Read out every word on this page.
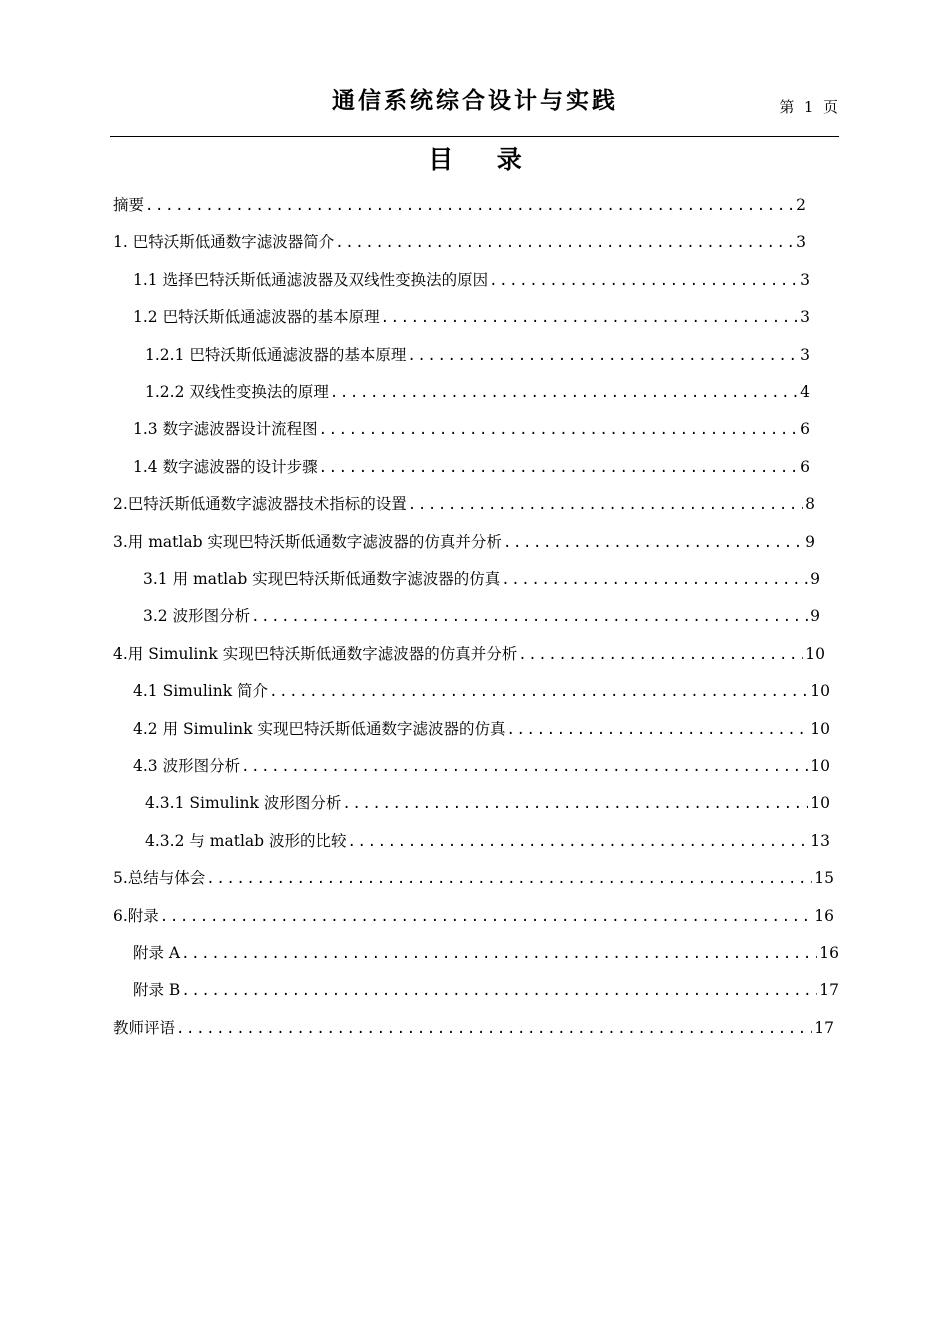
通信系统综合设计与实践	第  1  页
目     录
摘要 .....	2
1. 巴特沃斯低通数字滤波器简介 .....	3
1.1 选择巴特沃斯低通滤波器及双线性变换法的原因 .....	3
1.2 巴特沃斯低通滤波器的基本原理 .....	3
1.2.1 巴特沃斯低通滤波器的基本原理 .....	3
1.2.2 双线性变换法的原理 .....	4
1.3 数字滤波器设计流程图 .....	6
1.4 数字滤波器的设计步骤 .....	6
2.巴特沃斯低通数字滤波器技术指标的设置 .....	8
3.用 matlab 实现巴特沃斯低通数字滤波器的仿真并分析 .....	9
3.1 用 matlab 实现巴特沃斯低通数字滤波器的仿真 .....	9
3.2 波形图分析 .....	9
4.用 Simulink 实现巴特沃斯低通数字滤波器的仿真并分析 .....	10
4.1 Simulink 简介 .....	10
4.2 用 Simulink 实现巴特沃斯低通数字滤波器的仿真 .....	10
4.3 波形图分析 .....	10
4.3.1 Simulink 波形图分析 .....	10
4.3.2 与 matlab 波形的比较 .....	13
5.总结与体会 .....	15
6.附录 .....	16
附录 A .....	16
附录 B .....	17
教师评语 .....	17
